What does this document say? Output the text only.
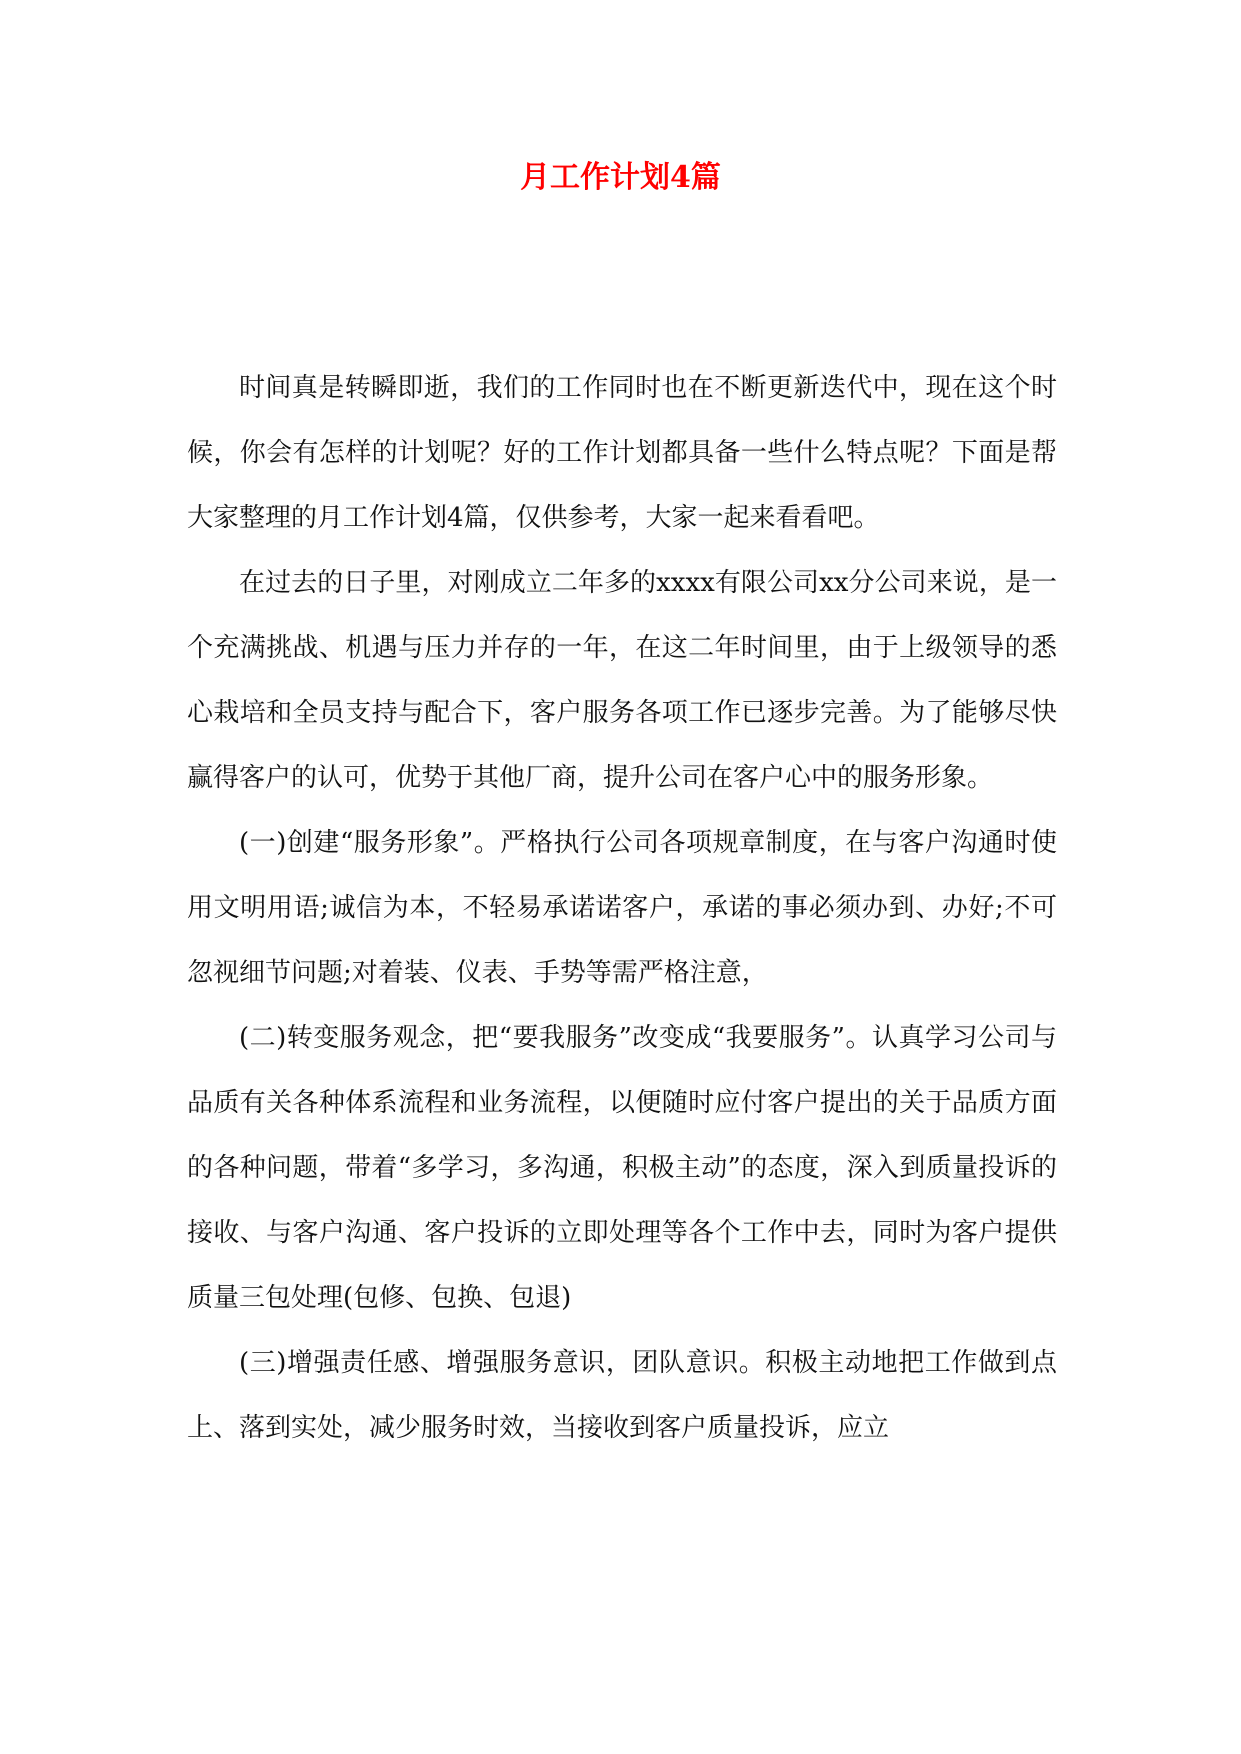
月工作计划4篇

时间真是转瞬即逝，我们的工作同时也在不断更新迭代中，现在这个时候，你会有怎样的计划呢？好的工作计划都具备一些什么特点呢？下面是帮大家整理的月工作计划4篇，仅供参考，大家一起来看看吧。

在过去的日子里，对刚成立二年多的xxxx有限公司xx分公司来说，是一个充满挑战、机遇与压力并存的一年，在这二年时间里，由于上级领导的悉心栽培和全员支持与配合下，客户服务各项工作已逐步完善。为了能够尽快赢得客户的认可，优势于其他厂商，提升公司在客户心中的服务形象。

(一)创建“服务形象”。严格执行公司各项规章制度，在与客户沟通时使用文明用语;诚信为本，不轻易承诺诺客户，承诺的事必须办到、办好;不可忽视细节问题;对着装、仪表、手势等需严格注意，

(二)转变服务观念，把“要我服务”改变成“我要服务”。认真学习公司与品质有关各种体系流程和业务流程，以便随时应付客户提出的关于品质方面的各种问题，带着“多学习，多沟通，积极主动”的态度，深入到质量投诉的接收、与客户沟通、客户投诉的立即处理等各个工作中去，同时为客户提供质量三包处理(包修、包换、包退)

(三)增强责任感、增强服务意识，团队意识。积极主动地把工作做到点上、落到实处，减少服务时效，当接收到客户质量投诉，应立
